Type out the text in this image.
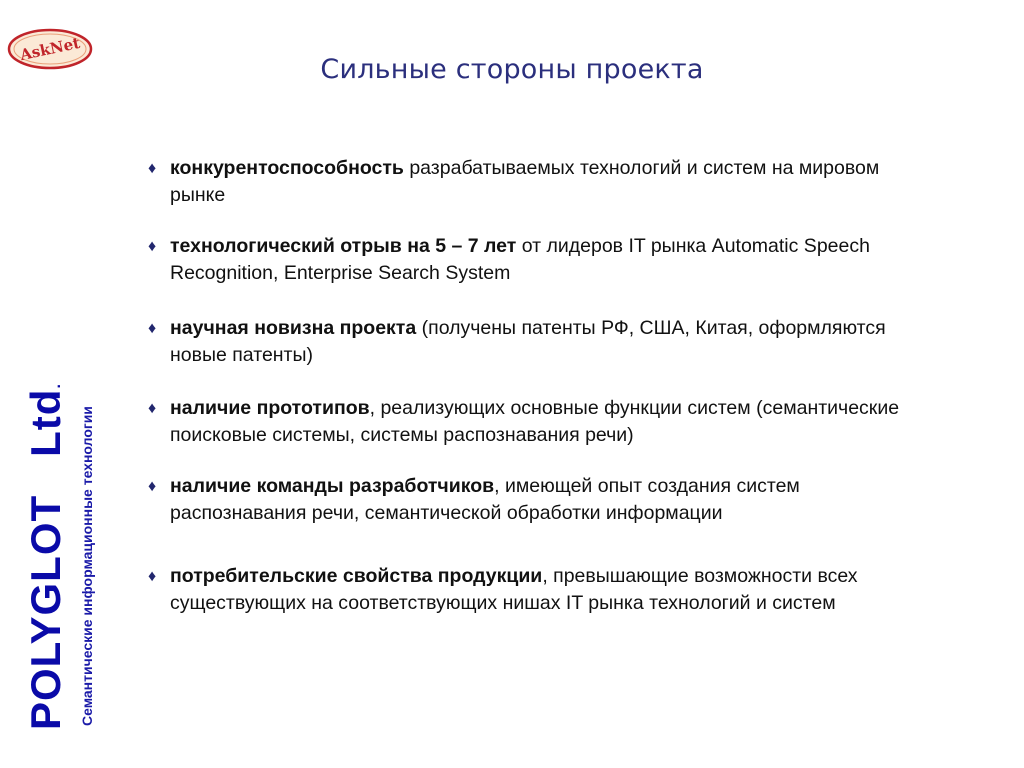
AskNet
Сильные стороны проекта
POLYGLOT   Ltd.
Семантические информационные технологии
♦ конкурентоспособность разрабатываемых технологий и систем на мировом рынке
♦ технологический отрыв на 5 – 7 лет от лидеров IT рынка Automatic Speech Recognition, Enterprise Search System
♦ научная новизна проекта (получены патенты РФ, США, Китая, оформляются новые патенты)
♦ наличие прототипов, реализующих основные функции систем (семантические поисковые системы, системы распознавания речи)
♦ наличие команды разработчиков, имеющей опыт создания систем распознавания речи, семантической обработки информации
♦ потребительские свойства продукции, превышающие возможности всех существующих на соответствующих нишах IT рынка технологий и систем
